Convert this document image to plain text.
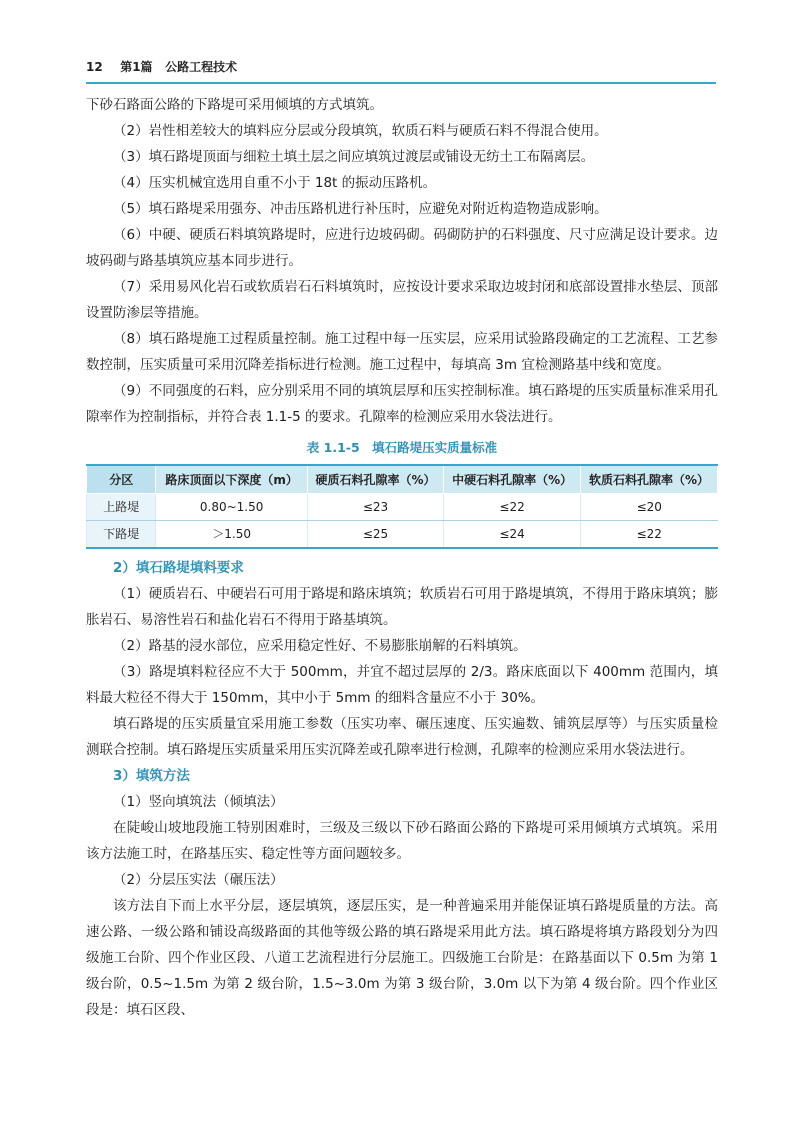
12 第1篇 公路工程技术

下砂石路面公路的下路堤可采用倾填的方式填筑。

（2）岩性相差较大的填料应分层或分段填筑，软质石料与硬质石料不得混合使用。

（3）填石路堤顶面与细粒土填土层之间应填筑过渡层或铺设无纺土工布隔离层。

（4）压实机械宜选用自重不小于 18t 的振动压路机。

（5）填石路堤采用强夯、冲击压路机进行补压时，应避免对附近构造物造成影响。

（6）中硬、硬质石料填筑路堤时，应进行边坡码砌。码砌防护的石料强度、尺寸应满足设计要求。边坡码砌与路基填筑应基本同步进行。

（7）采用易风化岩石或软质岩石石料填筑时，应按设计要求采取边坡封闭和底部设置排水垫层、顶部设置防渗层等措施。

（8）填石路堤施工过程质量控制。施工过程中每一压实层，应采用试验路段确定的工艺流程、工艺参数控制，压实质量可采用沉降差指标进行检测。施工过程中，每填高 3m 宜检测路基中线和宽度。

（9）不同强度的石料，应分别采用不同的填筑层厚和压实控制标准。填石路堤的压实质量标准采用孔隙率作为控制指标，并符合表 1.1-5 的要求。孔隙率的检测应采用水袋法进行。

表 1.1-5　填石路堤压实质量标准
分区	路床顶面以下深度（m）	硬质石料孔隙率（%）	中硬石料孔隙率（%）	软质石料孔隙率（%）
上路堤	0.80~1.50	≤23	≤22	≤20
下路堤	＞1.50	≤25	≤24	≤22

2）填石路堤填料要求

（1）硬质岩石、中硬岩石可用于路堤和路床填筑；软质岩石可用于路堤填筑，不得用于路床填筑；膨胀岩石、易溶性岩石和盐化岩石不得用于路基填筑。

（2）路基的浸水部位，应采用稳定性好、不易膨胀崩解的石料填筑。

（3）路堤填料粒径应不大于 500mm，并宜不超过层厚的 2/3。路床底面以下 400mm 范围内，填料最大粒径不得大于 150mm，其中小于 5mm 的细料含量应不小于 30%。

填石路堤的压实质量宜采用施工参数（压实功率、碾压速度、压实遍数、铺筑层厚等）与压实质量检测联合控制。填石路堤压实质量采用压实沉降差或孔隙率进行检测，孔隙率的检测应采用水袋法进行。

3）填筑方法

（1）竖向填筑法（倾填法）

在陡峻山坡地段施工特别困难时，三级及三级以下砂石路面公路的下路堤可采用倾填方式填筑。采用该方法施工时，在路基压实、稳定性等方面问题较多。

（2）分层压实法（碾压法）

该方法自下而上水平分层，逐层填筑，逐层压实，是一种普遍采用并能保证填石路堤质量的方法。高速公路、一级公路和铺设高级路面的其他等级公路的填石路堤采用此方法。填石路堤将填方路段划分为四级施工台阶、四个作业区段、八道工艺流程进行分层施工。四级施工台阶是：在路基面以下 0.5m 为第 1 级台阶，0.5~1.5m 为第 2 级台阶，1.5~3.0m 为第 3 级台阶，3.0m 以下为第 4 级台阶。四个作业区段是：填石区段、
